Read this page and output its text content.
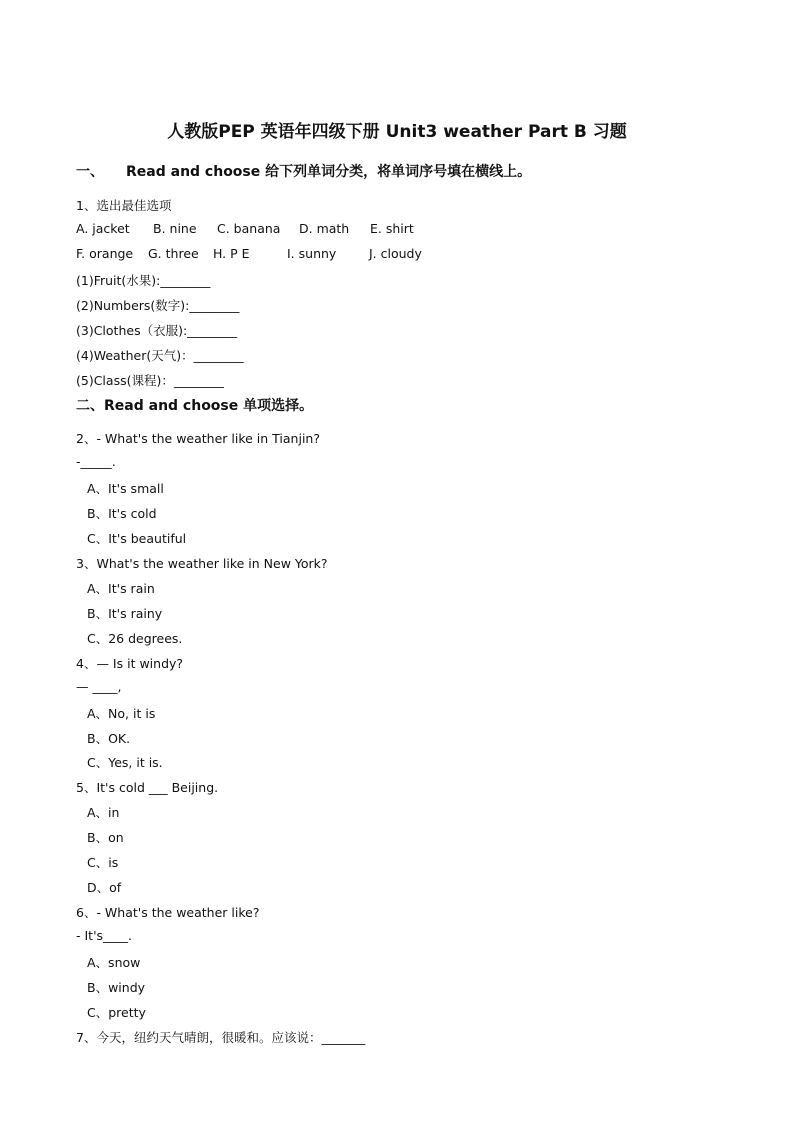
人教版PEP 英语年四级下册 Unit3 weather Part B 习题
一、 Read and choose 给下列单词分类，将单词序号填在横线上。
1、选出最佳选项
A. jacket B. nine C. banana D. math E. shirt
F. orange G. three H. P E	I. sunny	J. cloudy
(1)Fruit(水果):________
(2)Numbers(数字):________
(3)Clothes（衣服):________
(4)Weather(天气)：________
(5)Class(课程)：________
二、Read and choose 单项选择。
2、- What's the weather like in Tianjin?
-_____.
A、It's small
B、It's cold
C、It's beautiful
3、What's the weather like in New York?
A、It's rain
B、It's rainy
C、26 degrees.
4、— Is it windy?
— ____,
A、No, it is
B、OK.
C、Yes, it is.
5、It's cold ___ Beijing.
A、in
B、on
C、is
D、of
6、- What's the weather like?
- It's____.
A、snow
B、windy
C、pretty
7、今天，纽约天气晴朗，很暖和。应该说：_______
